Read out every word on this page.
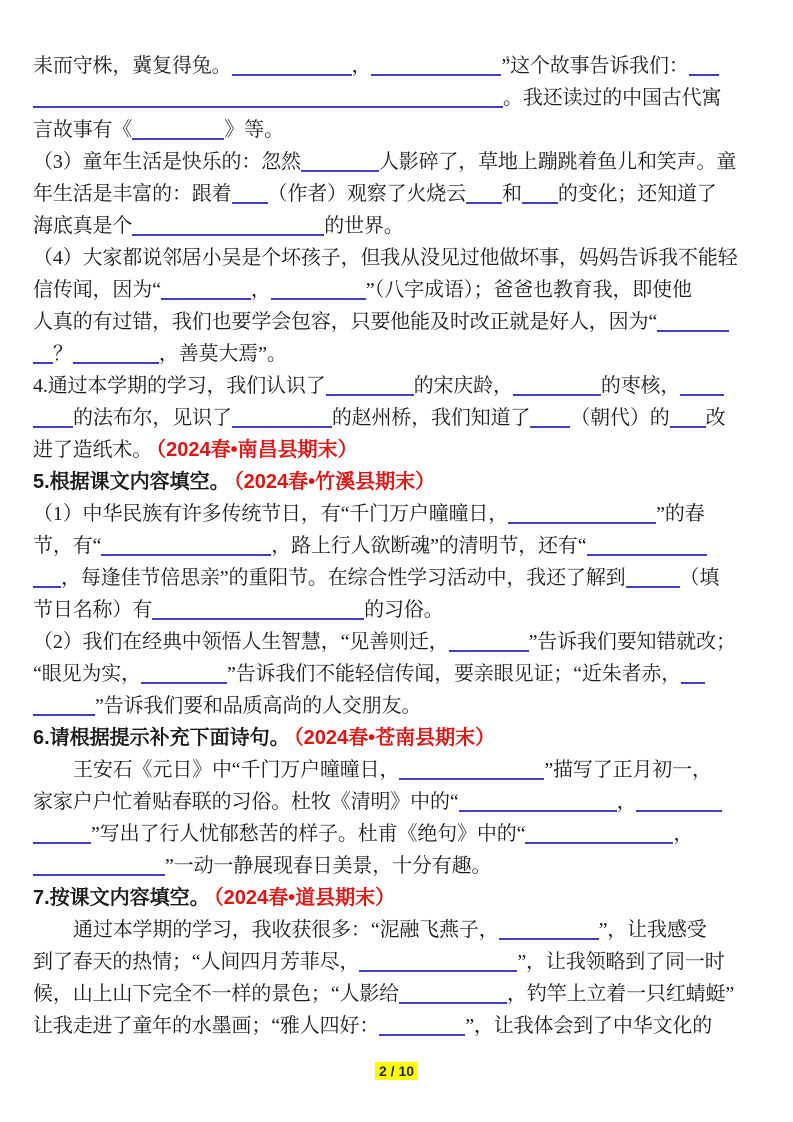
耒而守株，冀复得兔。	，	”这个故事告诉我们：
。我还读过的中国古代寓
言故事有《	》等。
（3）童年生活是快乐的：忽然	人影碎了，草地上蹦跳着鱼儿和笑声。童
年生活是丰富的：跟着 （作者）观察了火烧云 和 的变化；还知道了
海底真是个	的世界。
（4）大家都说邻居小吴是个坏孩子，但我从没见过他做坏事，妈妈告诉我不能轻
信传闻，因为“	，	”（八字成语）；爸爸也教育我，即使他
人真的有过错，我们也要学会包容，只要他能及时改正就是好人，因为“
？	，善莫大焉”。
4.通过本学期的学习，我们认识了	的宋庆龄，	的枣核，
的法布尔，见识了	的赵州桥，我们知道了 （朝代）的 改
进了造纸术。 （2024春•南昌县期末）
5.根据课文内容填空。 （2024春•竹溪县期末）
（1）中华民族有许多传统节日，有“千门万户曈曈日，	”的春
节，有“	，路上行人欲断魂”的清明节，还有“
，每逢佳节倍思亲”的重阳节。在综合性学习活动中，我还了解到	（填
节日名称）有	的习俗。
（2）我们在经典中领悟人生智慧，“见善则迁，	”告诉我们要知错就改；
“眼见为实，	”告诉我们不能轻信传闻，要亲眼见证；“近朱者赤，
”告诉我们要和品质高尚的人交朋友。
6.请根据提示补充下面诗句。 （2024春•苍南县期末）
王安石《元日》中“千门万户曈曈日，	”描写了正月初一，
家家户户忙着贴春联的习俗。杜牧《清明》中的“	，
”写出了行人忧郁愁苦的样子。杜甫《绝句》中的“	，
”一动一静展现春日美景，十分有趣。
7.按课文内容填空。 （2024春•道县期末）
通过本学期的学习，我收获很多：“泥融飞燕子，	”，让我感受
到了春天的热情；“人间四月芳菲尽，	”，让我领略到了同一时
候，山上山下完全不一样的景色；“人影给	，钓竿上立着一只红蜻蜓”
让我走进了童年的水墨画；“雅人四好：	”，让我体会到了中华文化的
2 / 10
